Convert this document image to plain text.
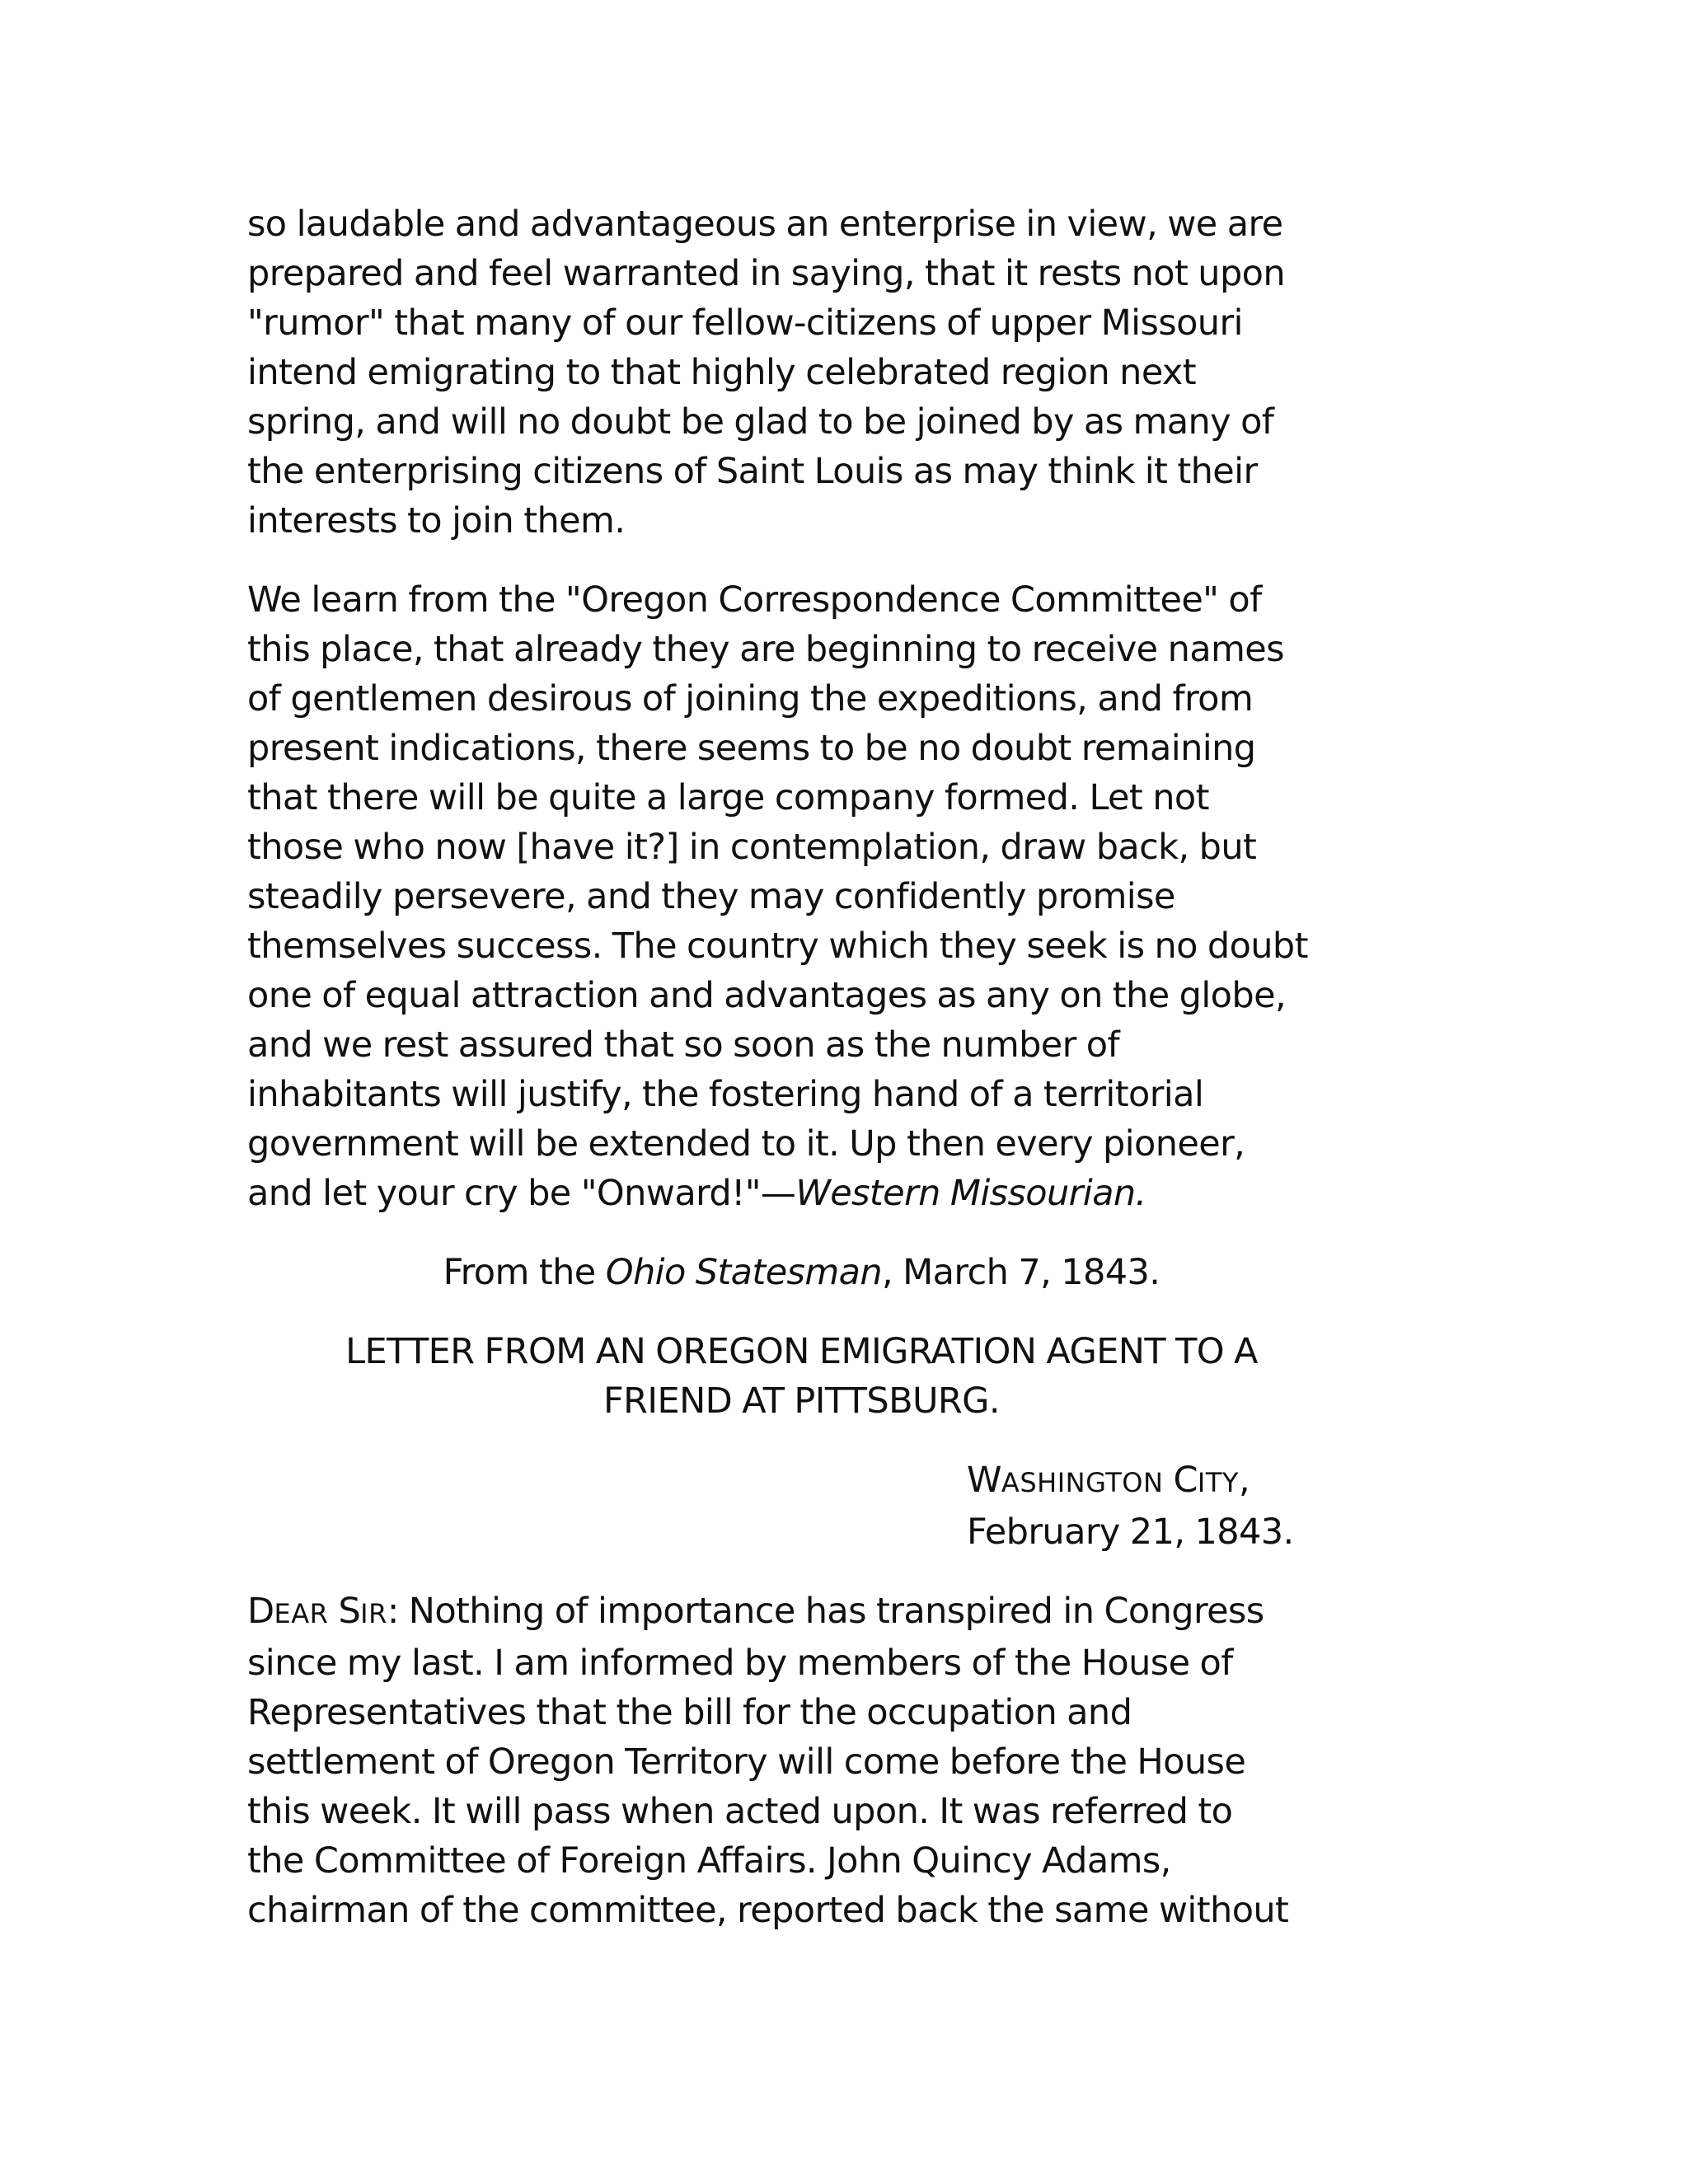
so laudable and advantageous an enterprise in view, we are
prepared and feel warranted in saying, that it rests not upon
"rumor" that many of our fellow-citizens of upper Missouri
intend emigrating to that highly celebrated region next
spring, and will no doubt be glad to be joined by as many of
the enterprising citizens of Saint Louis as may think it their
interests to join them.

We learn from the "Oregon Correspondence Committee" of
this place, that already they are beginning to receive names
of gentlemen desirous of joining the expeditions, and from
present indications, there seems to be no doubt remaining
that there will be quite a large company formed. Let not
those who now [have it?] in contemplation, draw back, but
steadily persevere, and they may confidently promise
themselves success. The country which they seek is no doubt
one of equal attraction and advantages as any on the globe,
and we rest assured that so soon as the number of
inhabitants will justify, the fostering hand of a territorial
government will be extended to it. Up then every pioneer,
and let your cry be "Onward!"—Western Missourian.

From the Ohio Statesman, March 7, 1843.

LETTER FROM AN OREGON EMIGRATION AGENT TO A
FRIEND AT PITTSBURG.

WASHINGTON CITY,
February 21, 1843.

DEAR SIR: Nothing of importance has transpired in Congress
since my last. I am informed by members of the House of
Representatives that the bill for the occupation and
settlement of Oregon Territory will come before the House
this week. It will pass when acted upon. It was referred to
the Committee of Foreign Affairs. John Quincy Adams,
chairman of the committee, reported back the same without
